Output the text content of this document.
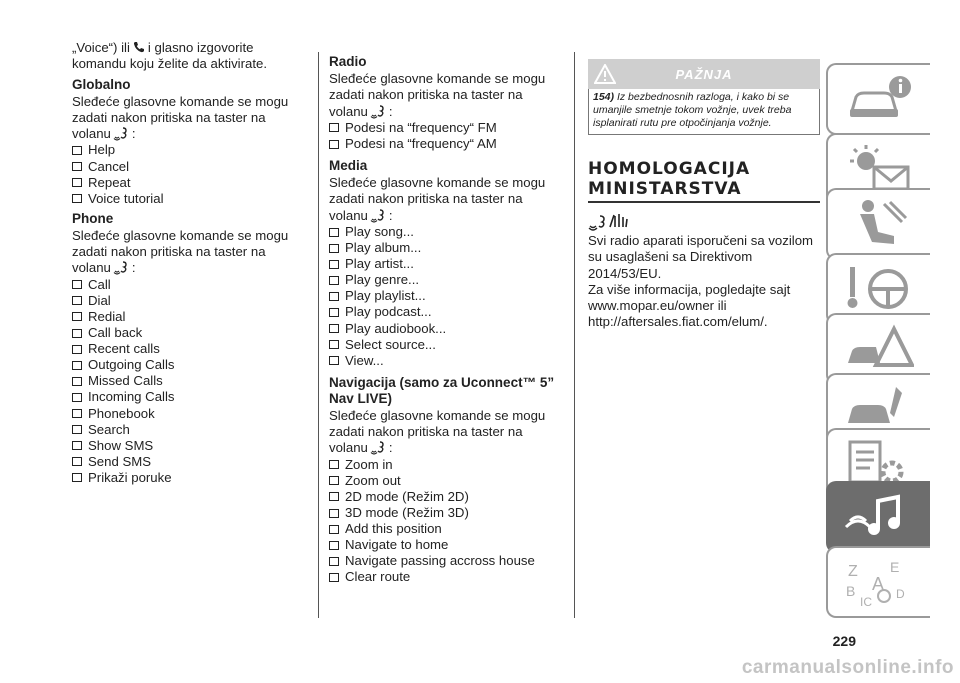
„Voice“) ili i glasno izgovorite komandu koju želite da aktivirate.

Globalno

Sleđeće glasovne komande se mogu zadati nakon pritiska na taster na volanu :

Help
Cancel
Repeat
Voice tutorial
Phone

Sleđeće glasovne komande se mogu zadati nakon pritiska na taster na volanu :

Call
Dial
Redial
Call back
Recent calls
Outgoing Calls
Missed Calls
Incoming Calls
Phonebook
Search
Show SMS
Send SMS
Prikaži poruke
Radio

Sleđeće glasovne komande se mogu zadati nakon pritiska na taster na volanu :

Podesi na “frequency“ FM
Podesi na “frequency“ AM
Media

Sleđeće glasovne komande se mogu zadati nakon pritiska na taster na volanu :

Play song...
Play album...
Play artist...
Play genre...
Play playlist...
Play podcast...
Play audiobook...
Select source...
View...
Navigacija (samo za Uconnect™ 5” Nav LIVE)

Sleđeće glasovne komande se mogu zadati nakon pritiska na taster na volanu :

Zoom in
Zoom out
2D mode (Režim 2D)
3D mode (Režim 3D)
Add this position
Navigate to home
Navigate passing accross house
Clear route
PAŽNJA
154) Iz bezbednosnih razloga, i kako bi se umanjile smetnje tokom vožnje, uvek treba isplanirati rutu pre otpočinjanja vožnje.
HOMOLOGACIJA
MINISTARSTVA

Svi radio aparati isporučeni sa vozilom su usaglašeni sa Direktivom 2014/53/EU.
Za više informacija, pogledajte sajt www.mopar.eu/owner ili http://aftersales.fiat.com/elum/.

Z E
B A D
IC
229
carmanualsonline.info
